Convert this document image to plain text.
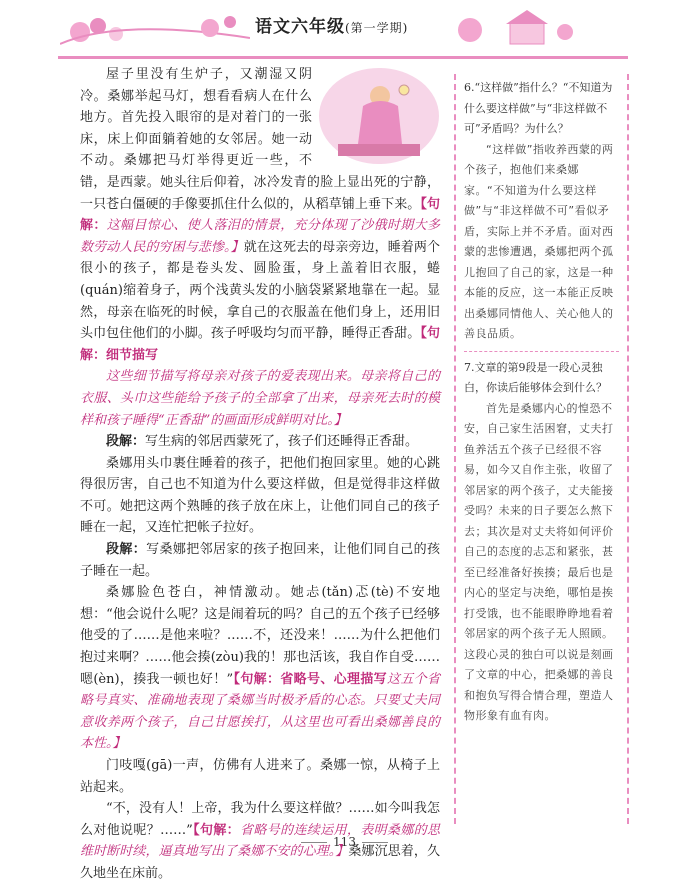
语文六年级(第一学期)

屋子里没有生炉子，又潮湿又阴冷。桑娜举起马灯，想看看病人在什么地方。首先投入眼帘的是对着门的一张床，床上仰面躺着她的女邻居。她一动不动。桑娜把马灯举得更近一些，不错，是西蒙。她头往后仰着，冰冷发青的脸上显出死的宁静，一只苍白僵硬的手像要抓住什么似的，从稻草铺上垂下来。【句解：这幅目惊心、使人落泪的情景，充分体现了沙俄时期大多数劳动人民的穷困与悲惨。】就在这死去的母亲旁边，睡着两个很小的孩子，都是卷头发、圆脸蛋，身上盖着旧衣服，蜷(quán)缩着身子，两个浅黄头发的小脑袋紧紧地靠在一起。显然，母亲在临死的时候，拿自己的衣服盖在他们身上，还用旧头巾包住他们的小脚。孩子呼吸均匀而平静，睡得正香甜。【句解：细节描写

这些细节描写将母亲对孩子的爱表现出来。母亲将自己的衣服、头巾这些能给予孩子的全部拿了出来，母亲死去时的模样和孩子睡得“正香甜”的画面形成鲜明对比。】

段解：写生病的邻居西蒙死了，孩子们还睡得正香甜。

桑娜用头巾裹住睡着的孩子，把他们抱回家里。她的心跳得很厉害，自己也不知道为什么要这样做，但是觉得非这样做不可。她把这两个熟睡的孩子放在床上，让他们同自己的孩子睡在一起，又连忙把帐子拉好。

段解：写桑娜把邻居家的孩子抱回来，让他们同自己的孩子睡在一起。

桑娜脸色苍白，神情激动。她忐(tǎn)忑(tè)不安地想：“他会说什么呢？这是闹着玩的吗？自己的五个孩子已经够他受的了……是他来啦？……不，还没来！……为什么把他们抱过来啊？……他会揍(zòu)我的！那也活该，我自作自受……嗯(èn)，揍我一顿也好！”【句解：省略号、心理描写这五个省略号真实、准确地表现了桑娜当时极矛盾的心态。只要丈夫同意收养两个孩子，自己甘愿挨打，从这里也可看出桑娜善良的本性。】

门吱嘎(gā)一声，仿佛有人进来了。桑娜一惊，从椅子上站起来。

“不，没有人！上帝，我为什么要这样做？……如今叫我怎么对他说呢？……”【句解：省略号的连续运用，表明桑娜的思维时断时续，逼真地写出了桑娜不安的心理。】桑娜沉思着，久久地坐在床前。

6.“这样做”指什么？“不知道为什么要这样做”与“非这样做不可”矛盾吗？为什么？

“这样做”指收养西蒙的两个孩子，抱他们来桑娜家。“不知道为什么要这样做”与“非这样做不可”看似矛盾，实际上并不矛盾。面对西蒙的悲惨遭遇，桑娜把两个孤儿抱回了自己的家，这是一种本能的反应，这一本能正反映出桑娜同情他人、关心他人的善良品质。

7.文章的第9段是一段心灵独白，你读后能够体会到什么？

首先是桑娜内心的惶恐不安，自己家生活困窘，丈夫打鱼养活五个孩子已经很不容易，如今又自作主张，收留了邻居家的两个孩子，丈夫能接受吗？未来的日子要怎么熬下去；其次是对丈夫将如何评价自己的态度的忐忑和紧张，甚至已经准备好挨揍；最后也是内心的坚定与决绝，哪怕是挨打受饿，也不能眼睁睁地看着邻居家的两个孩子无人照顾。这段心灵的独白可以说是刻画了文章的中心，把桑娜的善良和抱负写得合情合理，塑造人物形象有血有肉。

113
